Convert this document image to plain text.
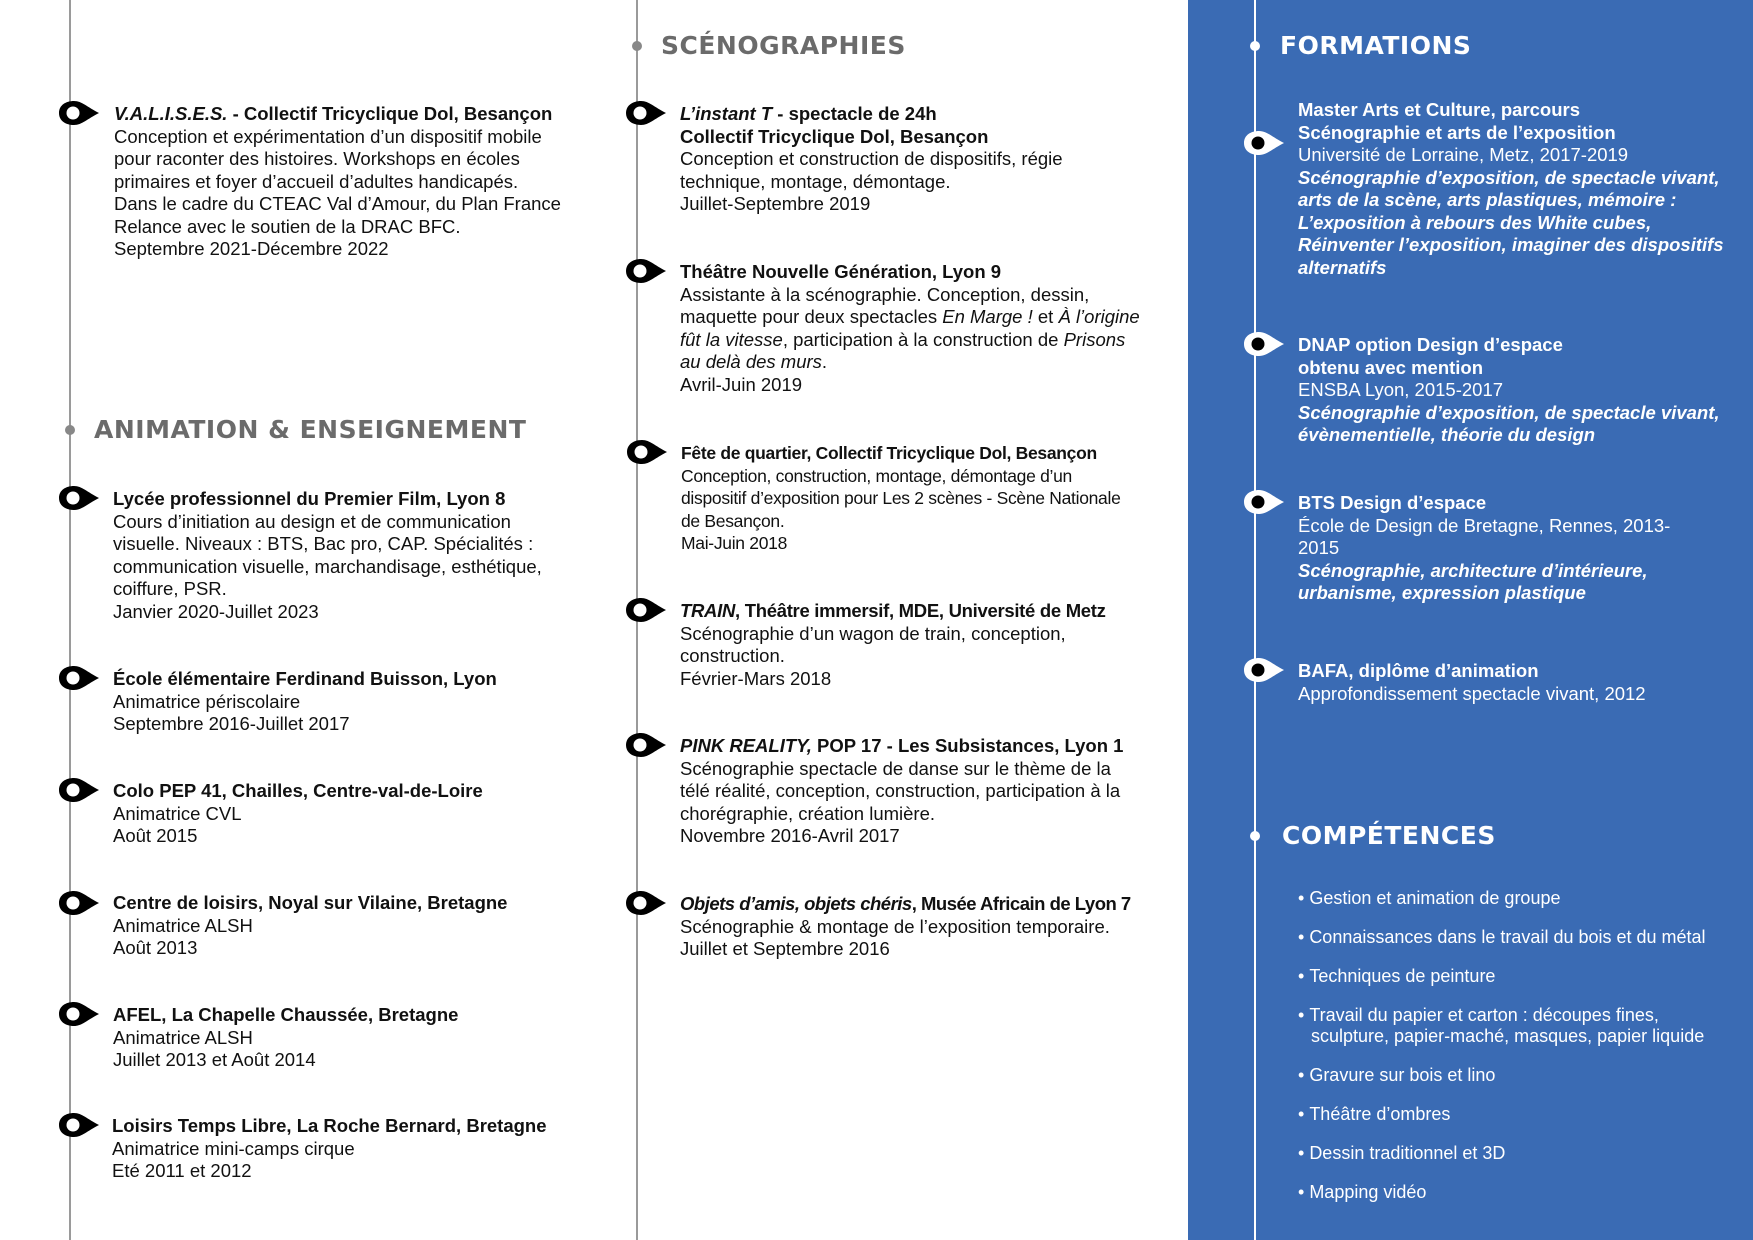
V.A.L.I.S.E.S. - Collectif Tricyclique Dol, Besançon

Conception et expérimentation d’un dispositif mobile

pour raconter des histoires. Workshops en écoles

primaires et foyer d’accueil d’adultes handicapés.

Dans le cadre du CTEAC Val d’Amour, du Plan France

Relance avec le soutien de la DRAC BFC.

Septembre 2021-Décembre 2022

ANIMATION & ENSEIGNEMENT

Lycée professionnel du Premier Film, Lyon 8

Cours d’initiation au design et de communication

visuelle. Niveaux : BTS, Bac pro, CAP. Spécialités :

communication visuelle, marchandisage, esthétique,

coiffure, PSR.

Janvier 2020-Juillet 2023

École élémentaire Ferdinand Buisson, Lyon

Animatrice périscolaire

Septembre 2016-Juillet 2017

Colo PEP 41, Chailles, Centre-val-de-Loire

Animatrice CVL

Août 2015

Centre de loisirs, Noyal sur Vilaine, Bretagne

Animatrice ALSH

Août 2013

AFEL, La Chapelle Chaussée, Bretagne

Animatrice ALSH

Juillet 2013 et Août 2014

Loisirs Temps Libre, La Roche Bernard, Bretagne

Animatrice mini-camps cirque

Eté 2011 et 2012

SCÉNOGRAPHIES

L’instant T - spectacle de 24h

Collectif Tricyclique Dol, Besançon

Conception et construction de dispositifs, régie

technique, montage, démontage.

Juillet-Septembre 2019

Théâtre Nouvelle Génération, Lyon 9

Assistante à la scénographie. Conception, dessin,

maquette pour deux spectacles En Marge ! et À l’origine

fût la vitesse, participation à la construction de Prisons

au delà des murs.

Avril-Juin 2019

Fête de quartier, Collectif Tricyclique Dol, Besançon

Conception, construction, montage, démontage d’un

dispositif d’exposition pour Les 2 scènes - Scène Nationale

de Besançon.

Mai-Juin 2018

TRAIN, Théâtre immersif, MDE, Université de Metz

Scénographie d’un wagon de train, conception,

construction.

Février-Mars 2018

PINK REALITY, POP 17 - Les Subsistances, Lyon 1

Scénographie spectacle de danse sur le thème de la

télé réalité, conception, construction, participation à la

chorégraphie, création lumière.

Novembre 2016-Avril 2017

Objets d’amis, objets chéris, Musée Africain de Lyon 7

Scénographie & montage de l’exposition temporaire.

Juillet et Septembre 2016

FORMATIONS

Master Arts et Culture, parcours

Scénographie et arts de l’exposition

Université de Lorraine, Metz, 2017-2019

Scénographie d’exposition, de spectacle vivant,

arts de la scène, arts plastiques, mémoire :

L’exposition à rebours des White cubes,

Réinventer l’exposition, imaginer des dispositifs

alternatifs

DNAP option Design d’espace

obtenu avec mention

ENSBA Lyon, 2015-2017

Scénographie d’exposition, de spectacle vivant,

évènementielle, théorie du design

BTS Design d’espace

École de Design de Bretagne, Rennes, 2013-

2015

Scénographie, architecture d’intérieure,

urbanisme, expression plastique

BAFA, diplôme d’animation

Approfondissement spectacle vivant, 2012

COMPÉTENCES
• Gestion et animation de groupe
• Connaissances dans le travail du bois et du métal
• Techniques de peinture
• Travail du papier et carton : découpes fines,
sculpture, papier-maché, masques, papier liquide
• Gravure sur bois et lino
• Théâtre d’ombres
• Dessin traditionnel et 3D
• Mapping vidéo
